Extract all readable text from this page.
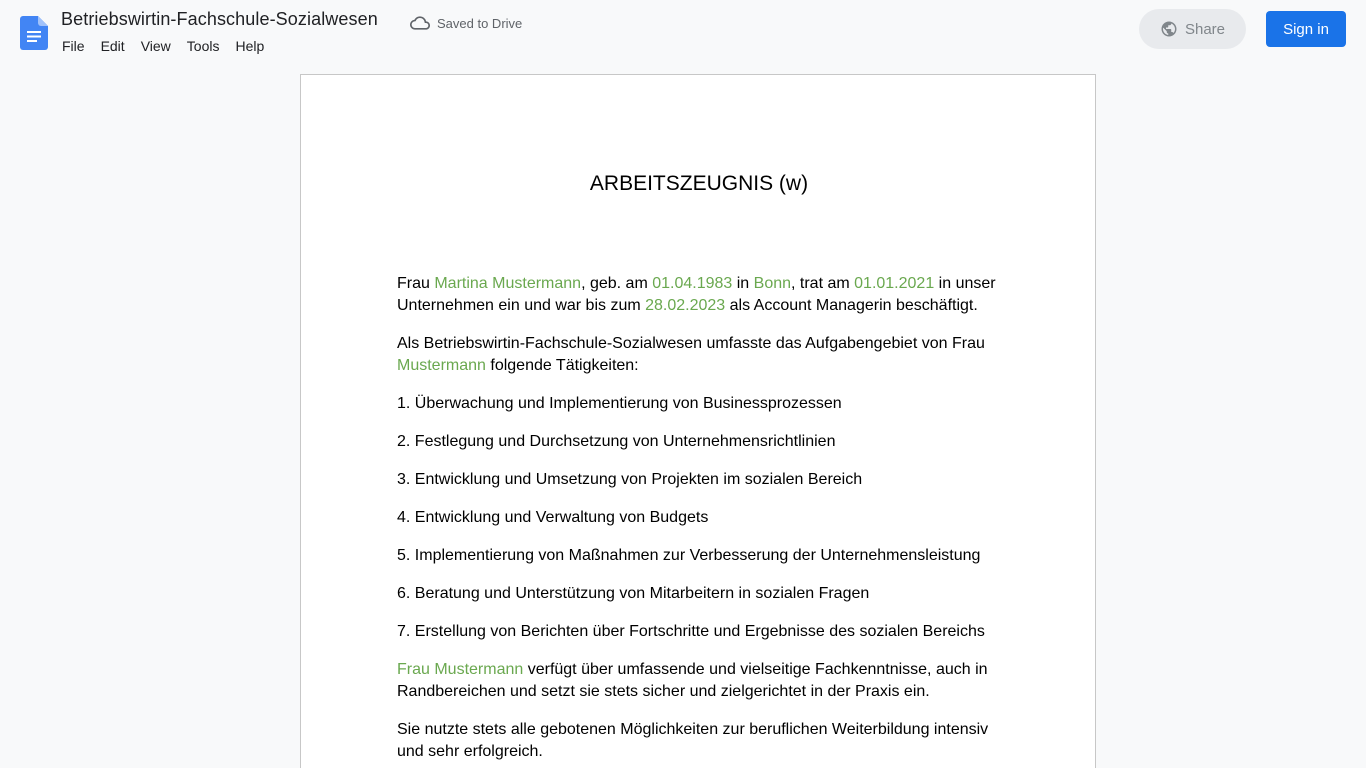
Betriebswirtin-Fachschule-Sozialwesen	Saved to Drive
File	Edit	View	Tools	Help
Share	Sign in
ARBEITSZEUGNIS (w)

Frau Martina Mustermann, geb. am 01.04.1983 in Bonn, trat am 01.01.2021 in unser Unternehmen ein und war bis zum 28.02.2023 als Account Managerin beschäftigt.

Als Betriebswirtin-Fachschule-Sozialwesen umfasste das Aufgabengebiet von Frau Mustermann folgende Tätigkeiten:

1. Überwachung und Implementierung von Businessprozessen

2. Festlegung und Durchsetzung von Unternehmensrichtlinien

3. Entwicklung und Umsetzung von Projekten im sozialen Bereich

4. Entwicklung und Verwaltung von Budgets

5. Implementierung von Maßnahmen zur Verbesserung der Unternehmensleistung

6. Beratung und Unterstützung von Mitarbeitern in sozialen Fragen

7. Erstellung von Berichten über Fortschritte und Ergebnisse des sozialen Bereichs

Frau Mustermann verfügt über umfassende und vielseitige Fachkenntnisse, auch in Randbereichen und setzt sie stets sicher und zielgerichtet in der Praxis ein.

Sie nutzte stets alle gebotenen Möglichkeiten zur beruflichen Weiterbildung intensiv und sehr erfolgreich.
